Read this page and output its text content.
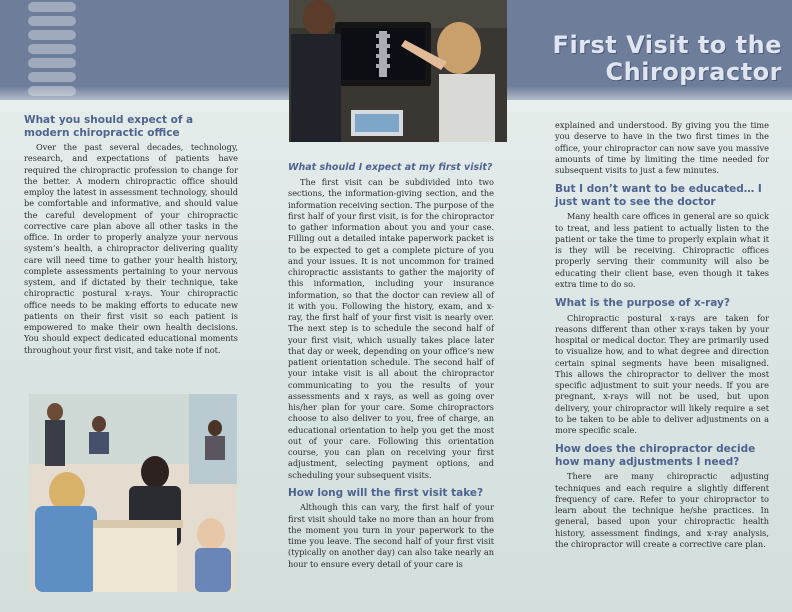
First Visit to the Chiropractor
What you should expect of a modern chiropractic office

Over the past several decades, technology, research, and expectations of patients have required the chiropractic profession to change for the better. A modern chiropractic office should employ the latest in assessment technology, should be comfortable and informative, and should value the careful development of your chiropractic corrective care plan above all other tasks in the office. In order to properly analyze your nervous system’s health, a chiropractor delivering quality care will need time to gather your health history, complete assessments pertaining to your nervous system, and if dictated by their technique, take chiropractic postural x-rays. Your chiropractic office needs to be making efforts to educate new patients on their first visit so each patient is empowered to make their own health decisions. You should expect dedicated educational moments throughout your first visit, and take note if not.

What should I expect at my first visit?

The first visit can be subdivided into two sections, the information-giving section, and the information receiving section. The purpose of the first half of your first visit, is for the chiropractor to gather information about you and your case. Filling out a detailed intake paperwork packet is to be expected to get a complete picture of you and your issues. It is not uncommon for trained chiropractic assistants to gather the majority of this information, including your insurance information, so that the doctor can review all of it with you. Following the history, exam, and x-ray, the first half of your first visit is nearly over. The next step is to schedule the second half of your first visit, which usually takes place later that day or week, depending on your office’s new patient orientation schedule. The second half of your intake visit is all about the chiropractor communicating to you the results of your assessments and x rays, as well as going over his/her plan for your care. Some chiropractors choose to also deliver to you, free of charge, an educational orientation to help you get the most out of your care. Following this orientation course, you can plan on receiving your first adjustment, selecting payment options, and scheduling your subsequent visits.

How long will the first visit take?

Although this can vary, the first half of your first visit should take no more than an hour from the moment you turn in your paperwork to the time you leave. The second half of your first visit (typically on another day) can also take nearly an hour to ensure every detail of your care is

explained and understood. By giving you the time you deserve to have in the two first times in the office, your chiropractor can now save you massive amounts of time by limiting the time needed for subsequent visits to just a few minutes.

But I don’t want to be educated… I just want to see the doctor

Many health care offices in general are so quick to treat, and less patient to actually listen to the patient or take the time to properly explain what it is they will be receiving. Chiropractic offices properly serving their community will also be educating their client base, even though it takes extra time to do so.

What is the purpose of x-ray?

Chiropractic postural x-rays are taken for reasons different than other x-rays taken by your hospital or medical doctor. They are primarily used to visualize how, and to what degree and direction certain spinal segments have been misaligned. This allows the chiropractor to deliver the most specific adjustment to suit your needs. If you are pregnant, x-rays will not be used, but upon delivery, your chiropractor will likely require a set to be taken to be able to deliver adjustments on a more specific scale.

How does the chiropractor decide how many adjustments I need?

There are many chiropractic adjusting techniques and each require a slightly different frequency of care. Refer to your chiropractor to learn about the technique he/she practices. In general, based upon your chiropractic health history, assessment findings, and x-ray analysis, the chiropractor will create a corrective care plan.
